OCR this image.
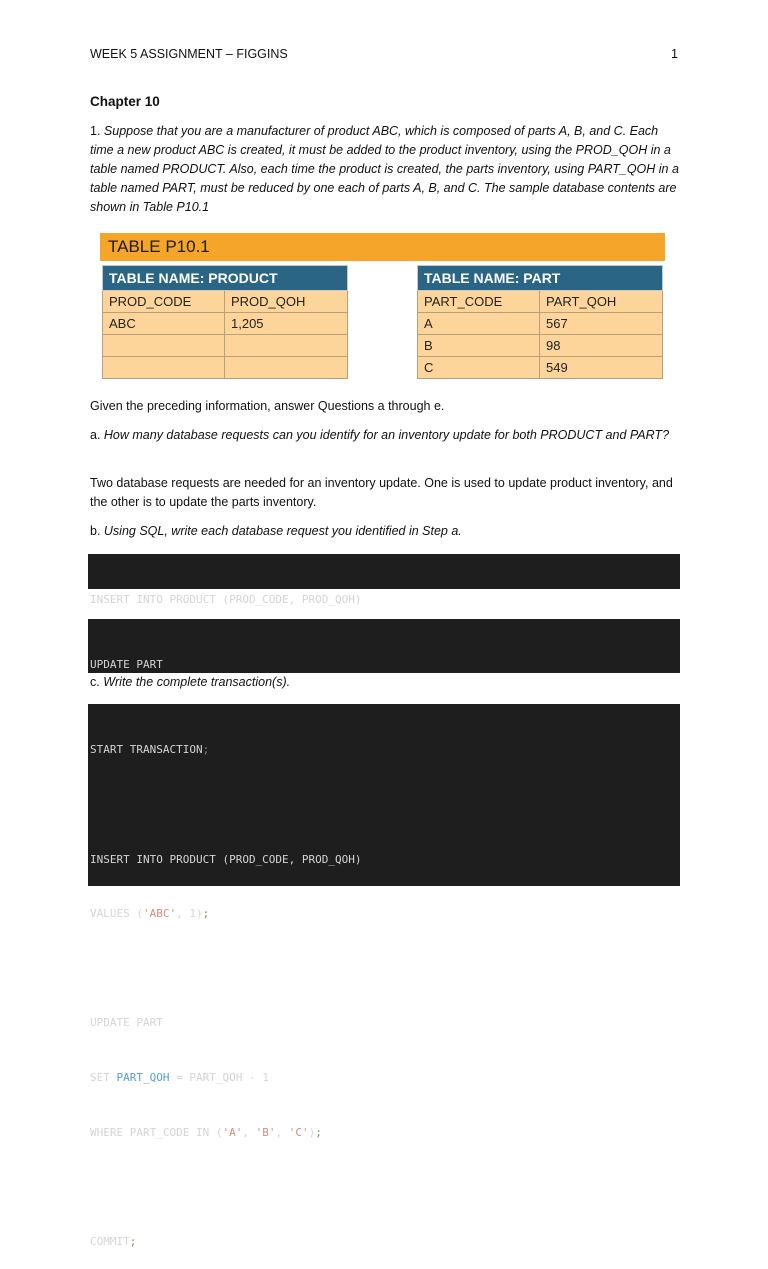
WEEK 5 ASSIGNMENT – FIGGINS	1
Chapter 10
1. Suppose that you are a manufacturer of product ABC, which is composed of parts A, B, and C. Each time a new product ABC is created, it must be added to the product inventory, using the PROD_QOH in a table named PRODUCT. Also, each time the product is created, the parts inventory, using PART_QOH in a table named PART, must be reduced by one each of parts A, B, and C. The sample database contents are shown in Table P10.1
TABLE P10.1
TABLE NAME: PRODUCT	
PROD_CODE	PROD_QOH
ABC	1,205

TABLE NAME: PART	
PART_CODE	PART_QOH
A	567
B	98
C	549
Given the preceding information, answer Questions a through e.
a. How many database requests can you identify for an inventory update for both PRODUCT and PART?
Two database requests are needed for an inventory update. One is used to update product inventory, and the other is to update the parts inventory.
b. Using SQL, write each database request you identified in Step a.

INSERT INTO PRODUCT (PROD_CODE, PROD_QOH)

UPDATE PART

c. Write the complete transaction(s).

START TRANSACTION;

INSERT INTO PRODUCT (PROD_CODE, PROD_QOH)

VALUES ('ABC', 1);

UPDATE PART

SET PART_QOH = PART_QOH - 1

WHERE PART_CODE IN ('A', 'B', 'C');

COMMIT;
